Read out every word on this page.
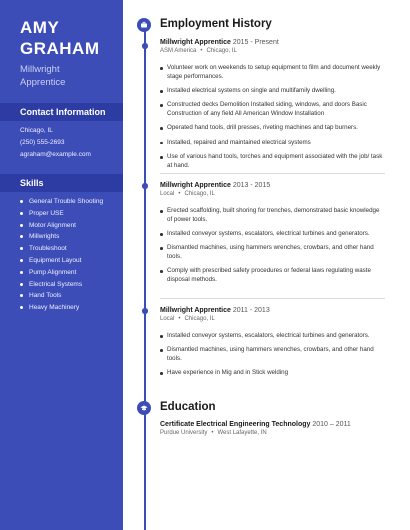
AMY
GRAHAM
Millwright
Apprentice
Contact Information
Chicago, IL
(250) 555-2693
agraham@example.com
Skills
General Trouble Shooting
Proper USE
Motor Alignment
Millwrights
Troubleshoot
Equipment Layout
Pump Alignment
Electrical Systems
Hand Tools
Heavy Machinery
Employment History
Millwright Apprentice 2015 - Present
ASM America • Chicago, IL
Volunteer work on weekends to setup equipment to film and document weekly stage performances.
Installed electrical systems on single and multifamily dwelling.
Constructed decks Demolition Installed siding, windows, and doors Basic Construction of any field All American Window Installation
Operated hand tools, drill presses, riveting machines and tap burners.
Installed, repaired and maintained electrical systems
Use of various hand tools, torches and equipment associated with the job/ task at hand.
Millwright Apprentice 2013 - 2015
Local • Chicago, IL
Erected scaffolding, built shoring for trenches, demonstrated basic knowledge of power tools.
Installed conveyor systems, escalators, electrical turbines and generators.
Dismantled machines, using hammers wrenches, crowbars, and other hand tools.
Comply with prescribed safety procedures or federal laws regulating waste disposal methods.
Millwright Apprentice 2011 - 2013
Local • Chicago, IL
Installed conveyor systems, escalators, electrical turbines and generators.
Dismantled machines, using hammers wrenches, crowbars, and other hand tools.
Have experience in Mig and in Stick welding
Education
Certificate Electrical Engineering Technology 2010 – 2011
Purdue University • West Lafayette, IN
